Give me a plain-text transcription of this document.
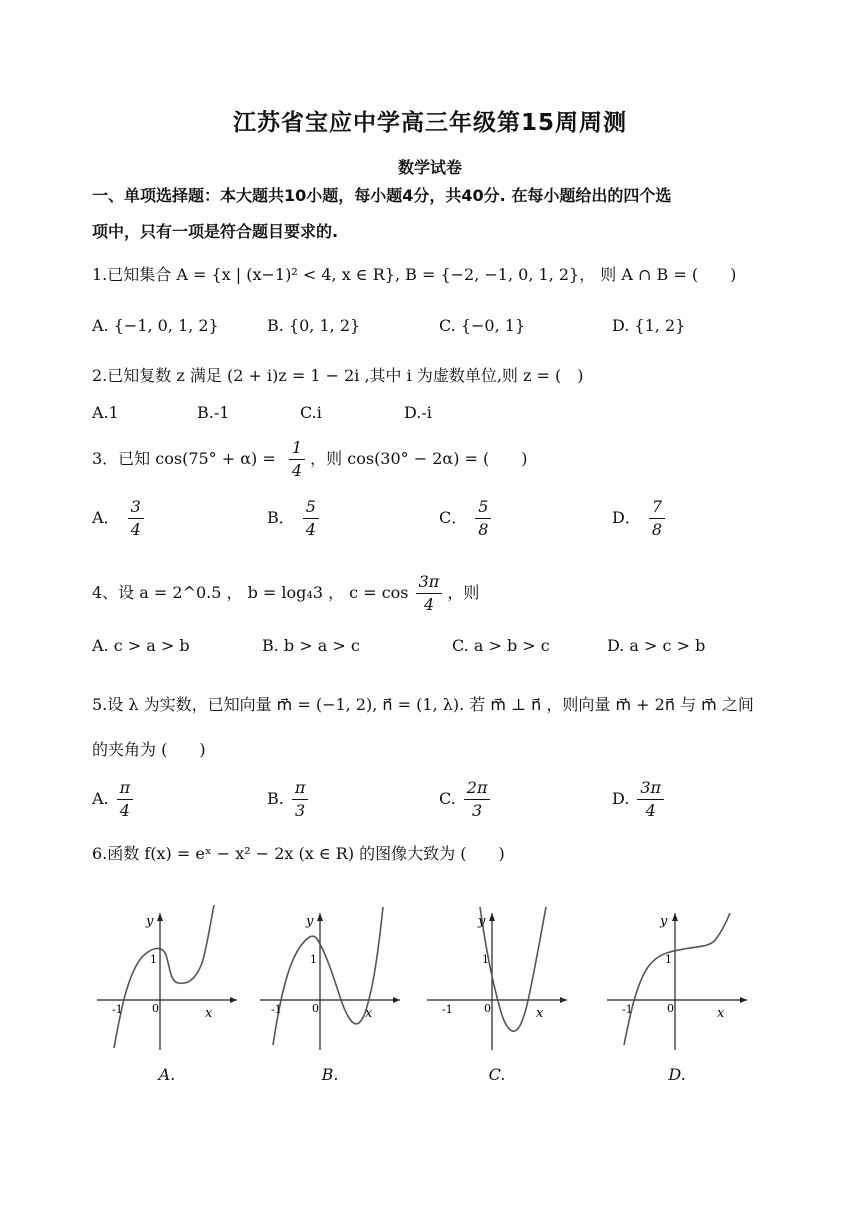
江苏省宝应中学高三年级第15周周测
数学试卷
一、单项选择题：本大题共10小题，每小题4分，共40分. 在每小题给出的四个选
项中，只有一项是符合题目要求的.
1.已知集合 A = {x | (x−1)² < 4, x ∈ R}, B = {−2, −1, 0, 1, 2}， 则 A ∩ B = (　　)
A. {−1, 0, 1, 2}	B. {0, 1, 2}	C. {−0, 1}	D. {1, 2}
2.已知复数 z 满足 (2 + i)z = 1 − 2i ,其中 i 为虚数单位,则 z = (　)
A.1	B.-1	C.i	D.-i
3．已知 $\cos(75^\circ + \alpha) = \frac{1}{4}$ ，则 cos(30° − 2α) = (　　)
A． $\frac{3}{4}$	B． $\frac{5}{4}$	C． $\frac{5}{8}$	D． $\frac{7}{8}$
4、设 a = 2^0.5 ， b = log₄3 ， $c = \cos \frac{3\pi}{4}$ ，则
A. c > a > b	B. b > a > c	C. a > b > c	D. a > c > b
5.设 λ 为实数，已知向量 m⃗ = (−1, 2), n⃗ = (1, λ). 若 m⃗ ⊥ n⃗ ，则向量 m⃗ + 2n⃗ 与 m⃗ 之间
的夹角为 (　　)
A. $\frac{\pi}{4}$	B. $\frac{\pi}{3}$	C. $\frac{2\pi}{3}$	D. $\frac{3\pi}{4}$
6.函数 f(x) = eˣ − x² − 2x (x ∈ R) 的图像大致为 (　　)
y
x
1
-1	0
y
x
1
-1	0
y
x
1
-1	0
y
x
1
-1	0
A.	B.	C.	D.
